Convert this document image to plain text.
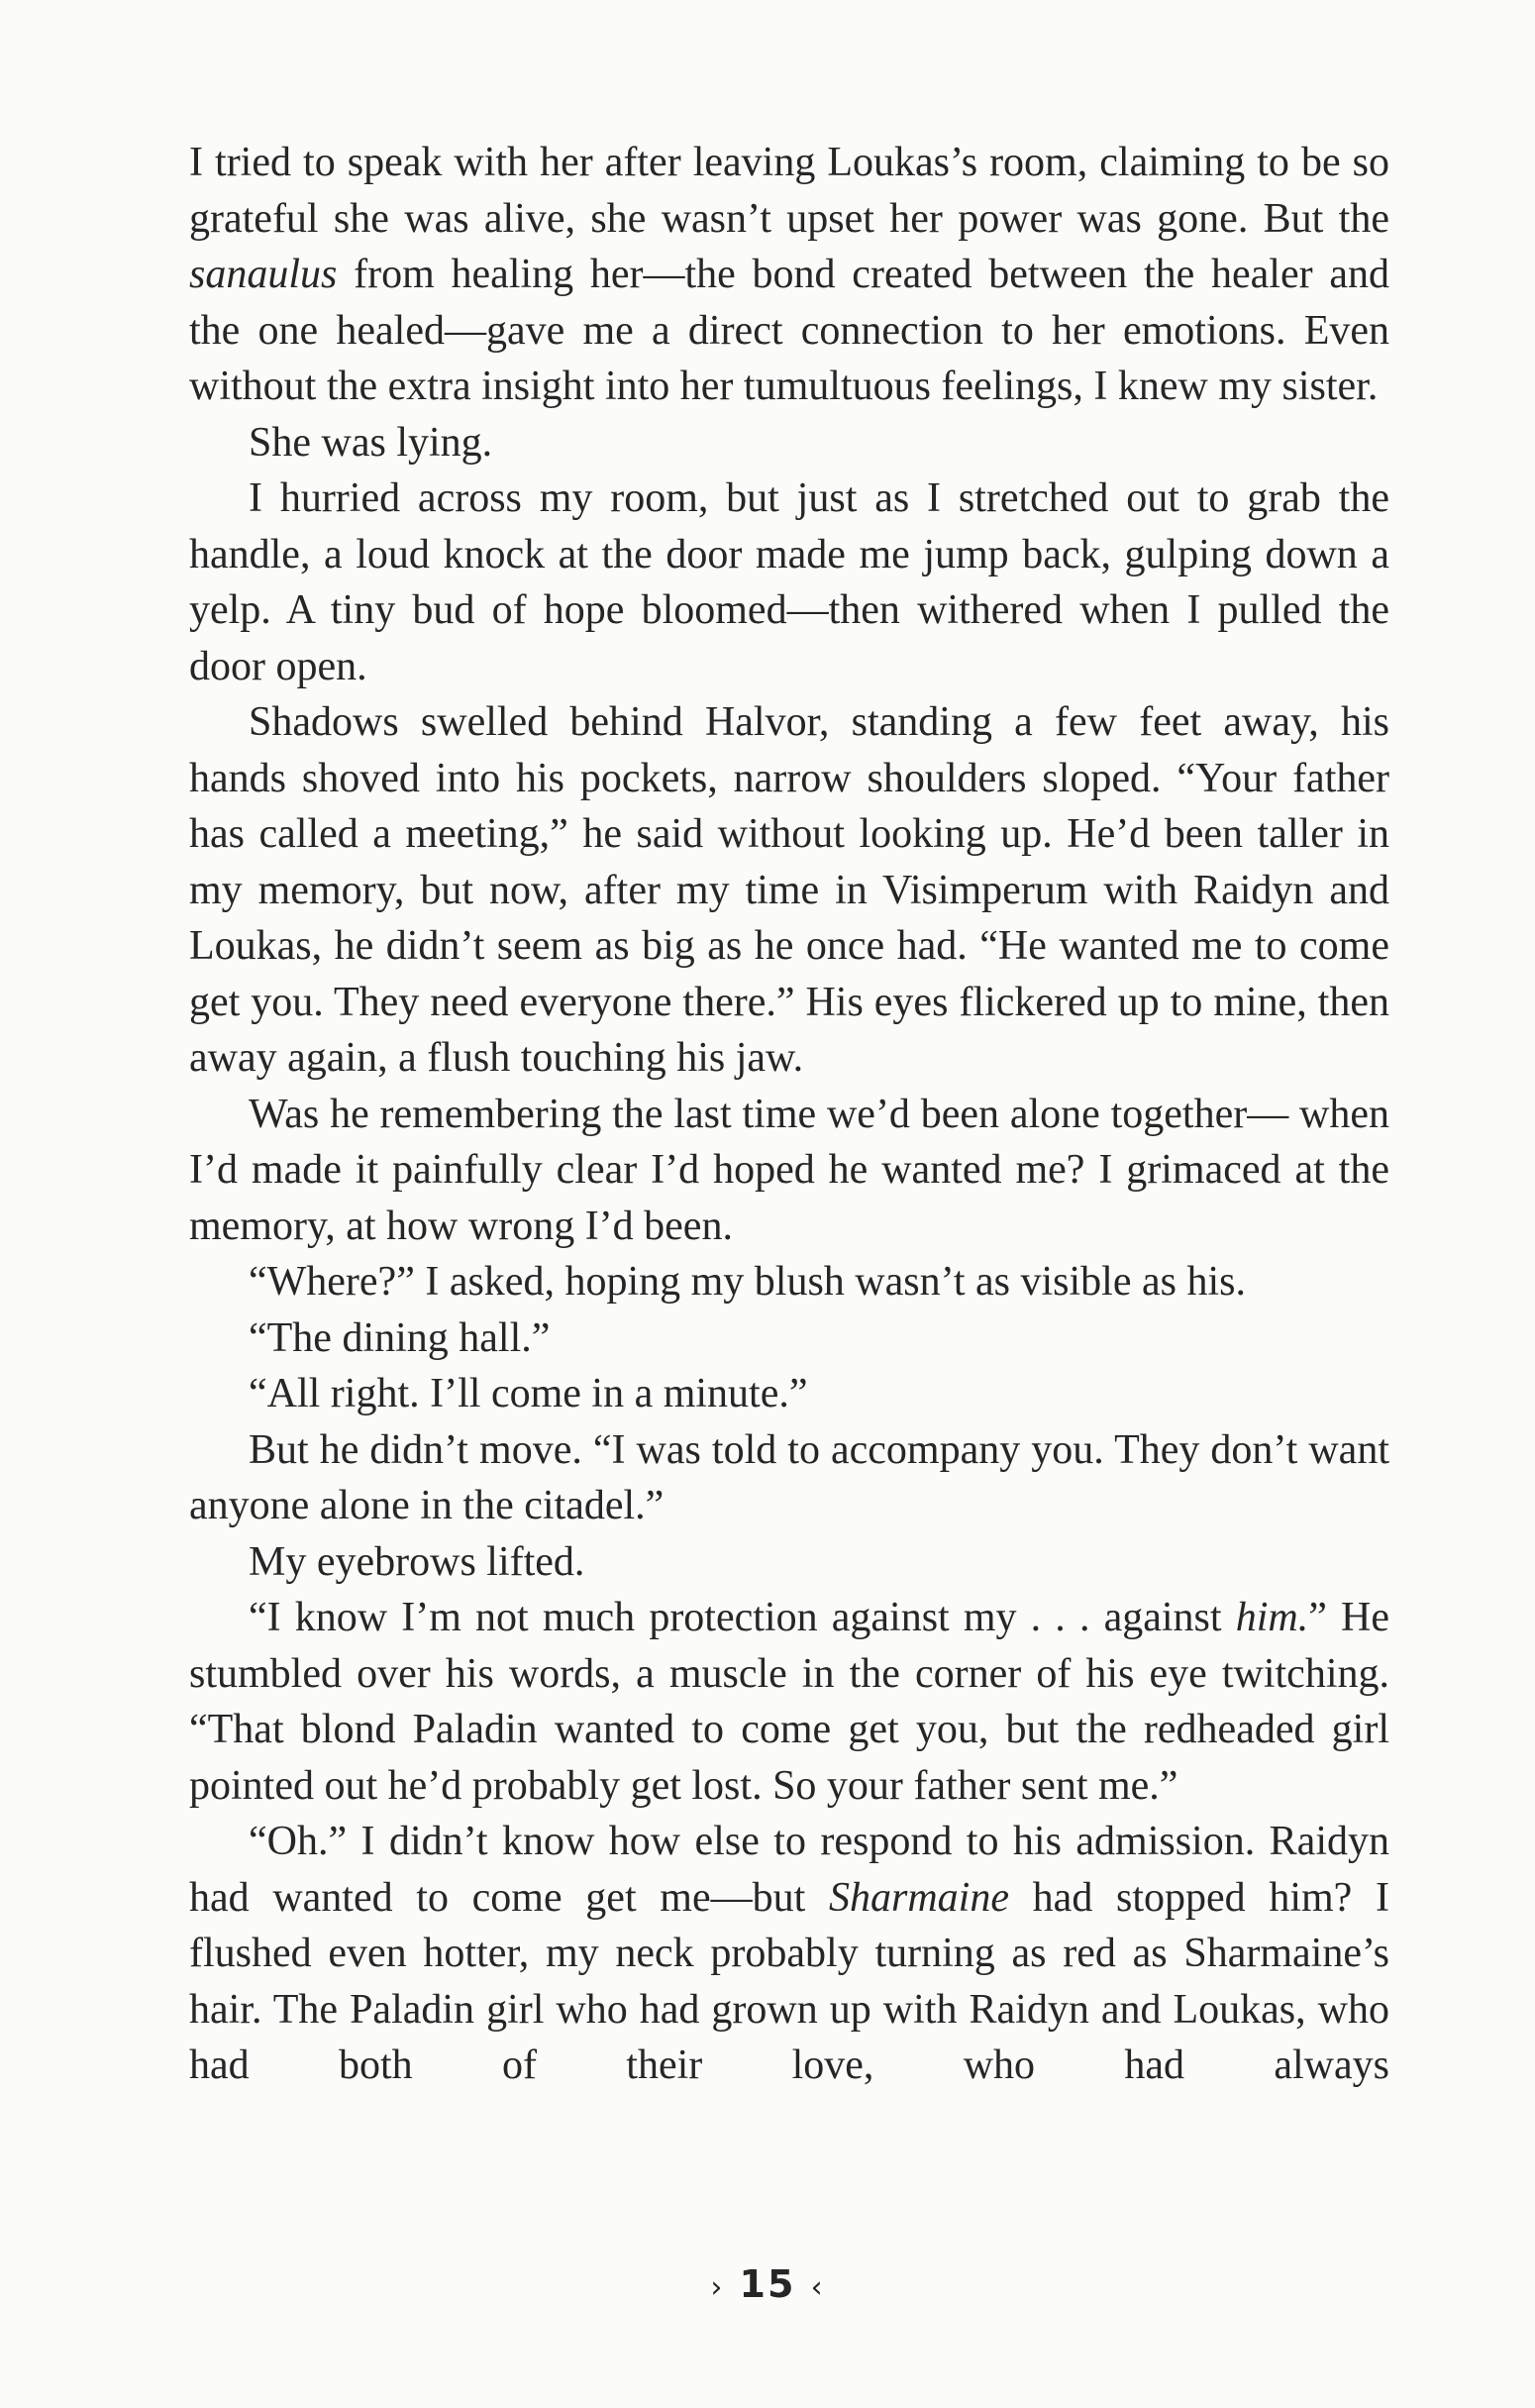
I tried to speak with her after leaving Loukas’s room, claiming to be so grateful she was alive, she wasn’t upset her power was gone. But the sanaulus from healing her—the bond created between the healer and the one healed—gave me a direct connection to her emotions. Even without the extra insight into her tumultuous feelings, I knew my sister.

She was lying.

I hurried across my room, but just as I stretched out to grab the handle, a loud knock at the door made me jump back, gulping down a yelp. A tiny bud of hope bloomed—then withered when I pulled the door open.

Shadows swelled behind Halvor, standing a few feet away, his hands shoved into his pockets, narrow shoulders sloped. “Your father has called a meeting,” he said without looking up. He’d been taller in my memory, but now, after my time in Visimperum with Raidyn and Loukas, he didn’t seem as big as he once had. “He wanted me to come get you. They need everyone there.” His eyes flickered up to mine, then away again, a flush touching his jaw.

Was he remembering the last time we’d been alone together— when I’d made it painfully clear I’d hoped he wanted me? I grimaced at the memory, at how wrong I’d been.

“Where?” I asked, hoping my blush wasn’t as visible as his.

“The dining hall.”

“All right. I’ll come in a minute.”

But he didn’t move. “I was told to accompany you. They don’t want anyone alone in the citadel.”

My eyebrows lifted.

“I know I’m not much protection against my . . . against him.” He stumbled over his words, a muscle in the corner of his eye twitching. “That blond Paladin wanted to come get you, but the redheaded girl pointed out he’d probably get lost. So your father sent me.”

“Oh.” I didn’t know how else to respond to his admission. Raidyn had wanted to come get me—but Sharmaine had stopped him? I flushed even hotter, my neck probably turning as red as Sharmaine’s hair. The Paladin girl who had grown up with Raidyn and Loukas, who had both of their love, who had always

› 15 ‹
